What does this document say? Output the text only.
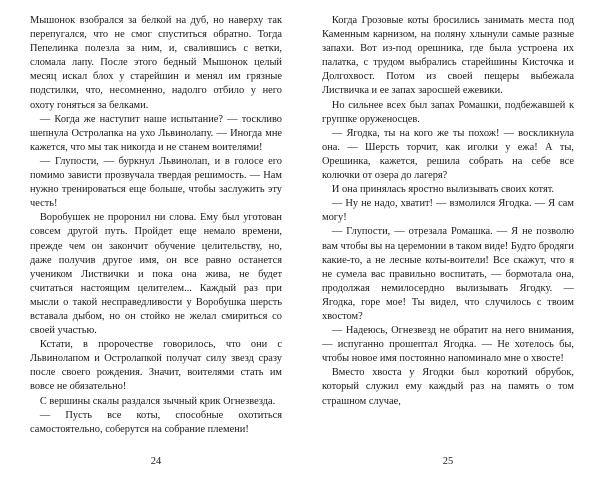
Мышонок взобрался за белкой на дуб, но наверху так перепугался, что не смог спуститься обратно. Тогда Пепелинка полезла за ним, и, свалившись с ветки, сломала лапу. После этого бедный Мышонок целый месяц искал блох у старейшин и менял им грязные подстилки, что, несомненно, надолго отбило у него охоту гоняться за белками.

— Когда же наступит наше испытание? — тоскливо шепнула Остролапка на ухо Львинолапу. — Иногда мне кажется, что мы так никогда и не станем воителями!

— Глупости, — буркнул Львинолап, и в голосе его помимо зависти прозвучала твердая решимость. — Нам нужно тренироваться еще больше, чтобы заслужить эту честь!

Воробушек не проронил ни слова. Ему был уготован совсем другой путь. Пройдет еще немало времени, прежде чем он закончит обучение целительству, но, даже получив другое имя, он все равно останется учеником Листвички и пока она жива, не будет считаться настоящим целителем... Каждый раз при мысли о такой несправедливости у Воробушка шерсть вставала дыбом, но он стойко не желал смириться со своей участью.

Кстати, в пророчестве говорилось, что они с Львинолапом и Остролапкой получат силу звезд сразу после своего рождения. Значит, воителями стать им вовсе не обязательно!

С вершины скалы раздался зычный крик Огнезвезда.

— Пусть все коты, способные охотиться самостоятельно, соберутся на собрание племени!

24

Когда Грозовые коты бросились занимать места под Каменным карнизом, на поляну хлынули самые разные запахи. Вот из-под орешника, где была устроена их палатка, с трудом выбрались старейшины Кисточка и Долгохвост. Потом из своей пещеры выбежала Листвичка и ее запах заросшей ежевики.

Но сильнее всех был запах Ромашки, подбежавшей к группке оруженосцев.

— Ягодка, ты на кого же ты похож! — воскликнула она. — Шерсть торчит, как иголки у ежа! А ты, Орешинка, кажется, решила собрать на себе все колючки от озера до лагеря?

И она принялась яростно вылизывать своих котят.

— Ну не надо, хватит! — взмолился Ягодка. — Я сам могу!

— Глупости, — отрезала Ромашка. — Я не позволю вам чтобы вы на церемонии в таком виде! Будто бродяги какие-то, а не лесные коты-воители! Все скажут, что я не сумела вас правильно воспитать, — бормотала она, продолжая немилосердно вылизывать Ягодку. — Ягодка, горе мое! Ты видел, что случилось с твоим хвостом?

— Надеюсь, Огнезвезд не обратит на него внимания, — испуганно прошептал Ягодка. — Не хотелось бы, чтобы новое имя постоянно напоминало мне о хвосте!

Вместо хвоста у Ягодки был короткий обрубок, который служил ему каждый раз на память о том страшном случае,

25
